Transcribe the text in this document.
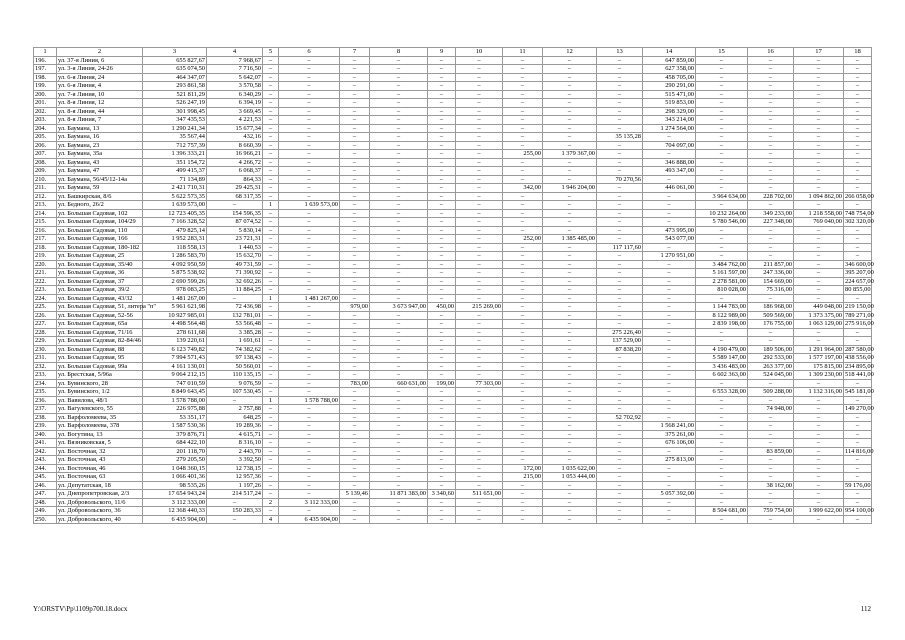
1	2	3	4	5	6	7	8	9	10	11	12	13	14	15	16	17	18
196.	ул. 37-я Линия, 6	655 827,67	7 968,67	–	–	–	–	–	–	–	–	–	647 859,00	–	–	–	–
197.	ул. 3-я Линия, 24-26	635 074,50	7 716,50	–	–	–	–	–	–	–	–	–	627 358,00	–	–	–	–
198.	ул. 6-я Линия, 24	464 347,07	5 642,07	–	–	–	–	–	–	–	–	–	458 705,00	–	–	–	–
199.	ул. 6-я Линия, 4	293 861,58	3 570,58	–	–	–	–	–	–	–	–	–	290 291,00	–	–	–	–
200.	ул. 7-я Линия, 10	521 811,29	6 340,29	–	–	–	–	–	–	–	–	–	515 471,00	–	–	–	–
201.	ул. 8-я Линия, 12	526 247,19	6 394,19	–	–	–	–	–	–	–	–	–	519 853,00	–	–	–	–
202.	ул. 8-я Линия, 44	301 998,45	3 669,45	–	–	–	–	–	–	–	–	–	298 329,00	–	–	–	–
203.	ул. 8-я Линия, 7	347 435,53	4 221,53	–	–	–	–	–	–	–	–	–	343 214,00	–	–	–	–
204.	ул. Баумана, 13	1 290 241,34	15 677,34	–	–	–	–	–	–	–	–	–	1 274 564,00	–	–	–	–
205.	ул. Баумана, 16	35 567,44	432,16	–	–	–	–	–	–	–	–	35 135,28	–	–	–	–	–
206.	ул. Баумана, 23	712 757,39	8 660,39	–	–	–	–	–	–	–	–	–	704 097,00	–	–	–	–
207.	ул. Баумана, 35а	1 396 333,21	16 966,21	–	–	–	–	–	–	255,00	1 379 367,00	–	–	–	–	–	–
208.	ул. Баумана, 43	351 154,72	4 266,72	–	–	–	–	–	–	–	–	–	346 888,00	–	–	–	–
209.	ул. Баумана, 47	499 415,37	6 068,37	–	–	–	–	–	–	–	–	–	493 347,00	–	–	–	–
210.	ул. Баумана, 56/45/12-14а	71 134,89	864,33	–	–	–	–	–	–	–	–	70 270,56	–	–	–	–	–
211.	ул. Баумана, 59	2 421 710,31	29 425,31	–	–	–	–	–	–	342,00	1 946 204,00	–	446 061,00	–	–	–	–
212.	ул. Башкирская, 8/6	5 622 573,35	68 317,35	–	–	–	–	–	–	–	–	–	–	3 964 634,00	228 702,00	1 094 862,00	266 058,00
213.	ул. Бедного, 26/2	1 639 573,00	–	1	1 639 573,00	–	–	–	–	–	–	–	–	–	–	–	–
214.	ул. Большая Садовая, 102	12 723 405,35	154 596,35	–	–	–	–	–	–	–	–	–	–	10 232 264,00	349 233,00	1 218 558,00	748 754,00
215.	ул. Большая Садовая, 104/29	7 166 328,52	87 074,52	–	–	–	–	–	–	–	–	–	–	5 780 546,00	227 348,00	769 040,00	302 320,00
216.	ул. Большая Садовая, 110	479 825,14	5 830,14	–	–	–	–	–	–	–	–	–	473 995,00	–	–	–	–
217.	ул. Большая Садовая, 166	1 952 283,31	23 721,31	–	–	–	–	–	–	252,00	1 385 485,00	–	543 077,00	–	–	–	–
218.	ул. Большая Садовая, 180-182	118 558,13	1 440,53	–	–	–	–	–	–	–	–	117 117,60	–	–	–	–	–
219.	ул. Большая Садовая, 25	1 286 583,70	15 632,70	–	–	–	–	–	–	–	–	–	1 270 951,00	–	–	–	–
220.	ул. Большая Садовая, 35/40	4 092 950,59	49 731,59	–	–	–	–	–	–	–	–	–	–	3 484 762,00	211 857,00	–	346 600,00
221.	ул. Большая Садовая, 36	5 875 538,92	71 390,92	–	–	–	–	–	–	–	–	–	–	5 161 597,00	247 336,00	–	395 207,00
222.	ул. Большая Садовая, 37	2 690 599,26	32 692,26	–	–	–	–	–	–	–	–	–	–	2 278 581,00	154 669,00	–	224 657,00
223.	ул. Большая Садовая, 39/2	978 083,25	11 884,25	–	–	–	–	–	–	–	–	–	–	810 028,00	75 316,00	–	80 855,00
224.	ул. Большая Садовая, 43/32	1 481 267,00	–	1	1 481 267,00	–	–	–	–	–	–	–	–	–	–	–	–
225.	ул. Большая Садовая, 51, литера "п"	5 961 621,98	72 436,98	–	–	979,00	3 673 947,00	450,00	215 269,00	–	–	–	–	1 144 783,00	186 968,00	449 048,00	219 150,00
226.	ул. Большая Садовая, 52-56	10 927 985,01	132 781,01	–	–	–	–	–	–	–	–	–	–	8 122 989,00	509 569,00	1 373 375,00	789 271,00
227.	ул. Большая Садовая, 65а	4 498 564,48	53 566,48	–	–	–	–	–	–	–	–	–	–	2 839 198,00	176 755,00	1 063 129,00	275 916,00
228.	ул. Большая Садовая, 71/16	278 611,68	3 385,28	–	–	–	–	–	–	–	–	275 226,40	–	–	–	–	–
229.	ул. Большая Садовая, 82-84/46	139 220,61	1 691,61	–	–	–	–	–	–	–	–	137 529,00	–	–	–	–	–
230.	ул. Большая Садовая, 88	6 123 749,82	74 382,62	–	–	–	–	–	–	–	–	87 838,20	–	4 190 479,00	189 506,00	1 291 964,00	287 580,00
231.	ул. Большая Садовая, 95	7 994 571,43	97 138,43	–	–	–	–	–	–	–	–	–	–	5 589 147,00	292 533,00	1 577 197,00	438 556,00
232.	ул. Большая Садовая, 99а	4 161 130,01	50 560,01	–	–	–	–	–	–	–	–	–	–	3 436 483,00	263 377,00	175 815,00	234 895,00
233.	ул. Брестская, 5/96а	9 064 212,15	110 135,15	–	–	–	–	–	–	–	–	–	–	6 602 363,00	524 045,00	1 309 230,00	518 441,00
234.	ул. Бувинского, 28	747 010,59	9 076,59	–	–	783,00	660 631,00	199,00	77 303,00	–	–	–	–	–	–	–	–
235.	ул. Бувинского, 1/2	8 849 643,45	107 530,45	–	–	–	–	–	–	–	–	–	–	6 553 328,00	509 288,00	1 132 316,00	545 181,00
236.	ул. Вавилова, 48/1	1 578 788,00	–	1	1 578 788,00	–	–	–	–	–	–	–	–	–	–	–	–
237.	ул. Вагулевского, 55	226 975,88	2 757,88	–	–	–	–	–	–	–	–	–	–	–	74 948,00	–	149 270,00
238.	ул. Варфоломеева, 35	53 351,17	648,25	–	–	–	–	–	–	–	–	52 702,92	–	–	–	–	–
239.	ул. Варфоломеева, 378	1 587 530,36	19 289,36	–	–	–	–	–	–	–	–	–	1 568 241,00	–	–	–	–
240.	ул. Вогутина, 13	379 876,71	4 615,71	–	–	–	–	–	–	–	–	–	375 261,00	–	–	–	–
241.	ул. Вязниковская, 5	684 422,10	8 316,10	–	–	–	–	–	–	–	–	–	676 106,00	–	–	–	–
242.	ул. Восточная, 32	201 118,70	2 443,70	–	–	–	–	–	–	–	–	–	–	–	83 859,00	–	114 816,00
243.	ул. Восточная, 43	279 205,50	3 392,50	–	–	–	–	–	–	–	–	–	275 813,00	–	–	–	–
244.	ул. Восточная, 46	1 048 360,15	12 738,15	–	–	–	–	–	–	172,00	1 035 622,00	–	–	–	–	–	–
245.	ул. Восточная, 63	1 066 401,36	12 957,36	–	–	–	–	–	–	215,00	1 053 444,00	–	–	–	–	–	–
246.	ул. Депутатская, 18	98 535,26	1 197,26	–	–	–	–	–	–	–	–	–	–	–	38 162,00	–	59 176,00
247.	ул. Днепропетровская, 2/3	17 654 943,24	214 517,24	–	–	5 139,46	11 871 383,00	3 340,60	511 651,00	–	–	–	5 057 392,00	–	–	–	–
248.	ул. Добровольского, 11/6	3 112 333,00	–	2	3 112 333,00	–	–	–	–	–	–	–	–	–	–	–	–
249.	ул. Добровольского, 36	12 368 440,33	150 283,33	–	–	–	–	–	–	–	–	–	–	8 504 681,00	759 754,00	1 999 622,00	954 100,00
250.	ул. Добровольского, 40	6 435 904,00	–	4	6 435 904,00	–	–	–	–	–	–	–	–	–	–	–	–
Y:\ORSTV\Pp\1109p700.18.docx	112
